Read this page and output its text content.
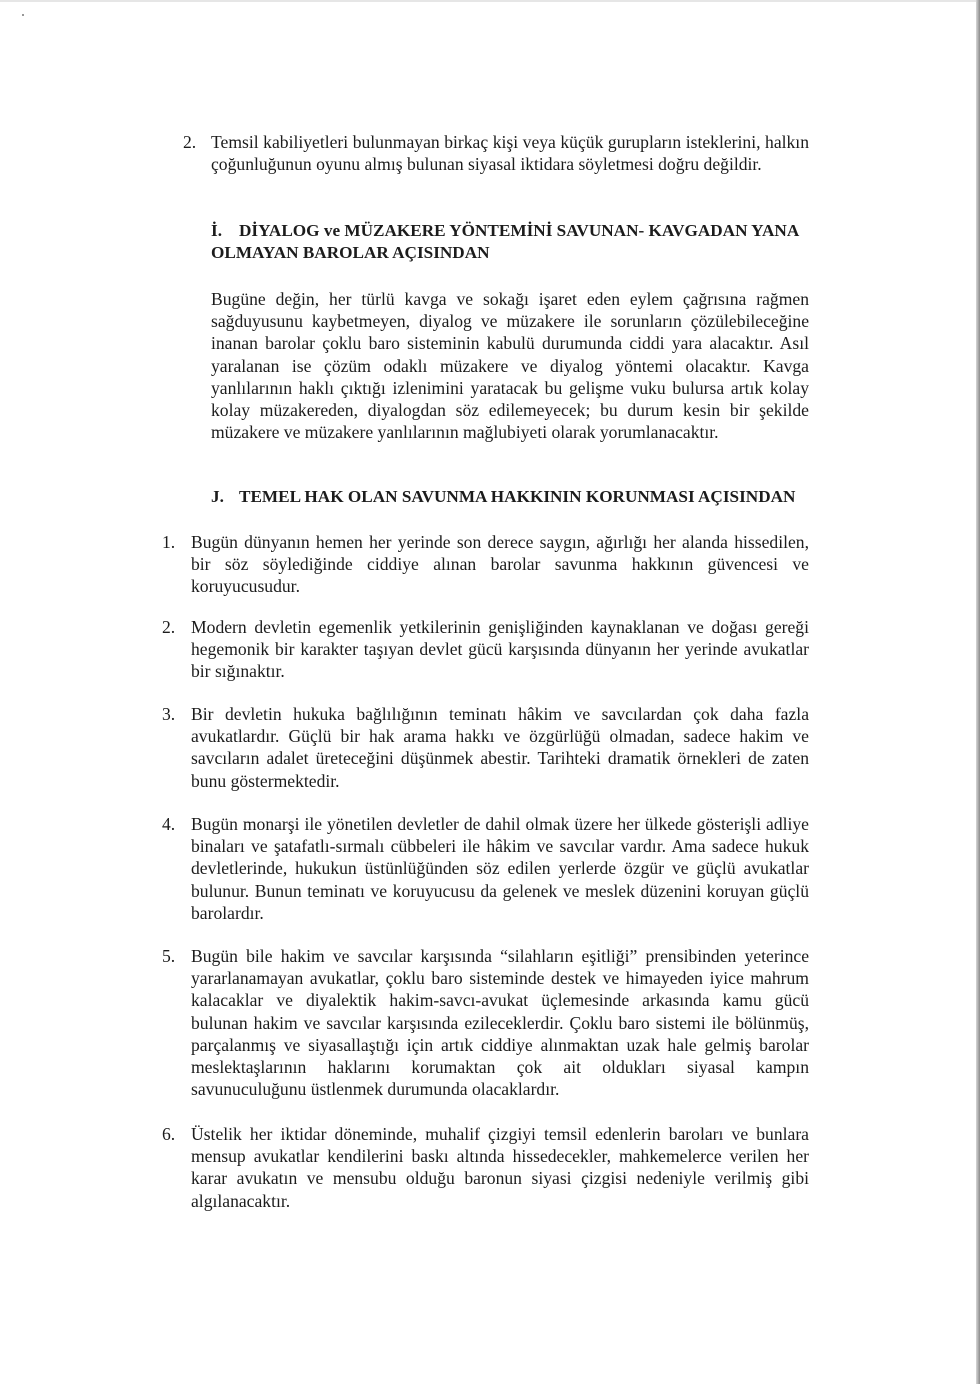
2. Temsil kabiliyetleri bulunmayan birkaç kişi veya küçük gurupların isteklerini, halkın çoğunluğunun oyunu almış bulunan siyasal iktidara söyletmesi doğru değildir.

İ. DİYALOG ve MÜZAKERE YÖNTEMİNİ SAVUNAN- KAVGADAN YANA OLMAYAN BAROLAR AÇISINDAN

Bugüne değin, her türlü kavga ve sokağı işaret eden eylem çağrısına rağmen sağduyusunu kaybetmeyen, diyalog ve müzakere ile sorunların çözülebileceğine inanan barolar çoklu baro sisteminin kabulü durumunda ciddi yara alacaktır. Asıl yaralanan ise çözüm odaklı müzakere ve diyalog yöntemi olacaktır. Kavga yanlılarının haklı çıktığı izlenimini yaratacak bu gelişme vuku bulursa artık kolay kolay müzakereden, diyalogdan söz edilemeyecek; bu durum kesin bir şekilde müzakere ve müzakere yanlılarının mağlubiyeti olarak yorumlanacaktır.

J. TEMEL HAK OLAN SAVUNMA HAKKININ KORUNMASI AÇISINDAN
1. Bugün dünyanın hemen her yerinde son derece saygın, ağırlığı her alanda hissedilen, bir söz söylediğinde ciddiye alınan barolar savunma hakkının güvencesi ve koruyucusudur.

2. Modern devletin egemenlik yetkilerinin genişliğinden kaynaklanan ve doğası gereği hegemonik bir karakter taşıyan devlet gücü karşısında dünyanın her yerinde avukatlar bir sığınaktır.

3. Bir devletin hukuka bağlılığının teminatı hâkim ve savcılardan çok daha fazla avukatlardır. Güçlü bir hak arama hakkı ve özgürlüğü olmadan, sadece hakim ve savcıların adalet üreteceğini düşünmek abestir. Tarihteki dramatik örnekleri de zaten bunu göstermektedir.

4. Bugün monarşi ile yönetilen devletler de dahil olmak üzere her ülkede gösterişli adliye binaları ve şatafatlı-sırmalı cübbeleri ile hâkim ve savcılar vardır. Ama sadece hukuk devletlerinde, hukukun üstünlüğünden söz edilen yerlerde özgür ve güçlü avukatlar bulunur. Bunun teminatı ve koruyucusu da gelenek ve meslek düzenini koruyan güçlü barolardır.

5. Bugün bile hakim ve savcılar karşısında “silahların eşitliği” prensibinden yeterince yararlanamayan avukatlar, çoklu baro sisteminde destek ve himayeden iyice mahrum kalacaklar ve diyalektik hakim-savcı-avukat üçlemesinde arkasında kamu gücü bulunan hakim ve savcılar karşısında ezileceklerdir. Çoklu baro sistemi ile bölünmüş, parçalanmış ve siyasallaştığı için artık ciddiye alınmaktan uzak hale gelmiş barolar meslektaşlarının haklarını korumaktan çok ait oldukları siyasal kampın savunuculuğunu üstlenmek durumunda olacaklardır.

6. Üstelik her iktidar döneminde, muhalif çizgiyi temsil edenlerin baroları ve bunlara mensup avukatlar kendilerini baskı altında hissedecekler, mahkemelerce verilen her karar avukatın ve mensubu olduğu baronun siyasi çizgisi nedeniyle verilmiş gibi algılanacaktır.
